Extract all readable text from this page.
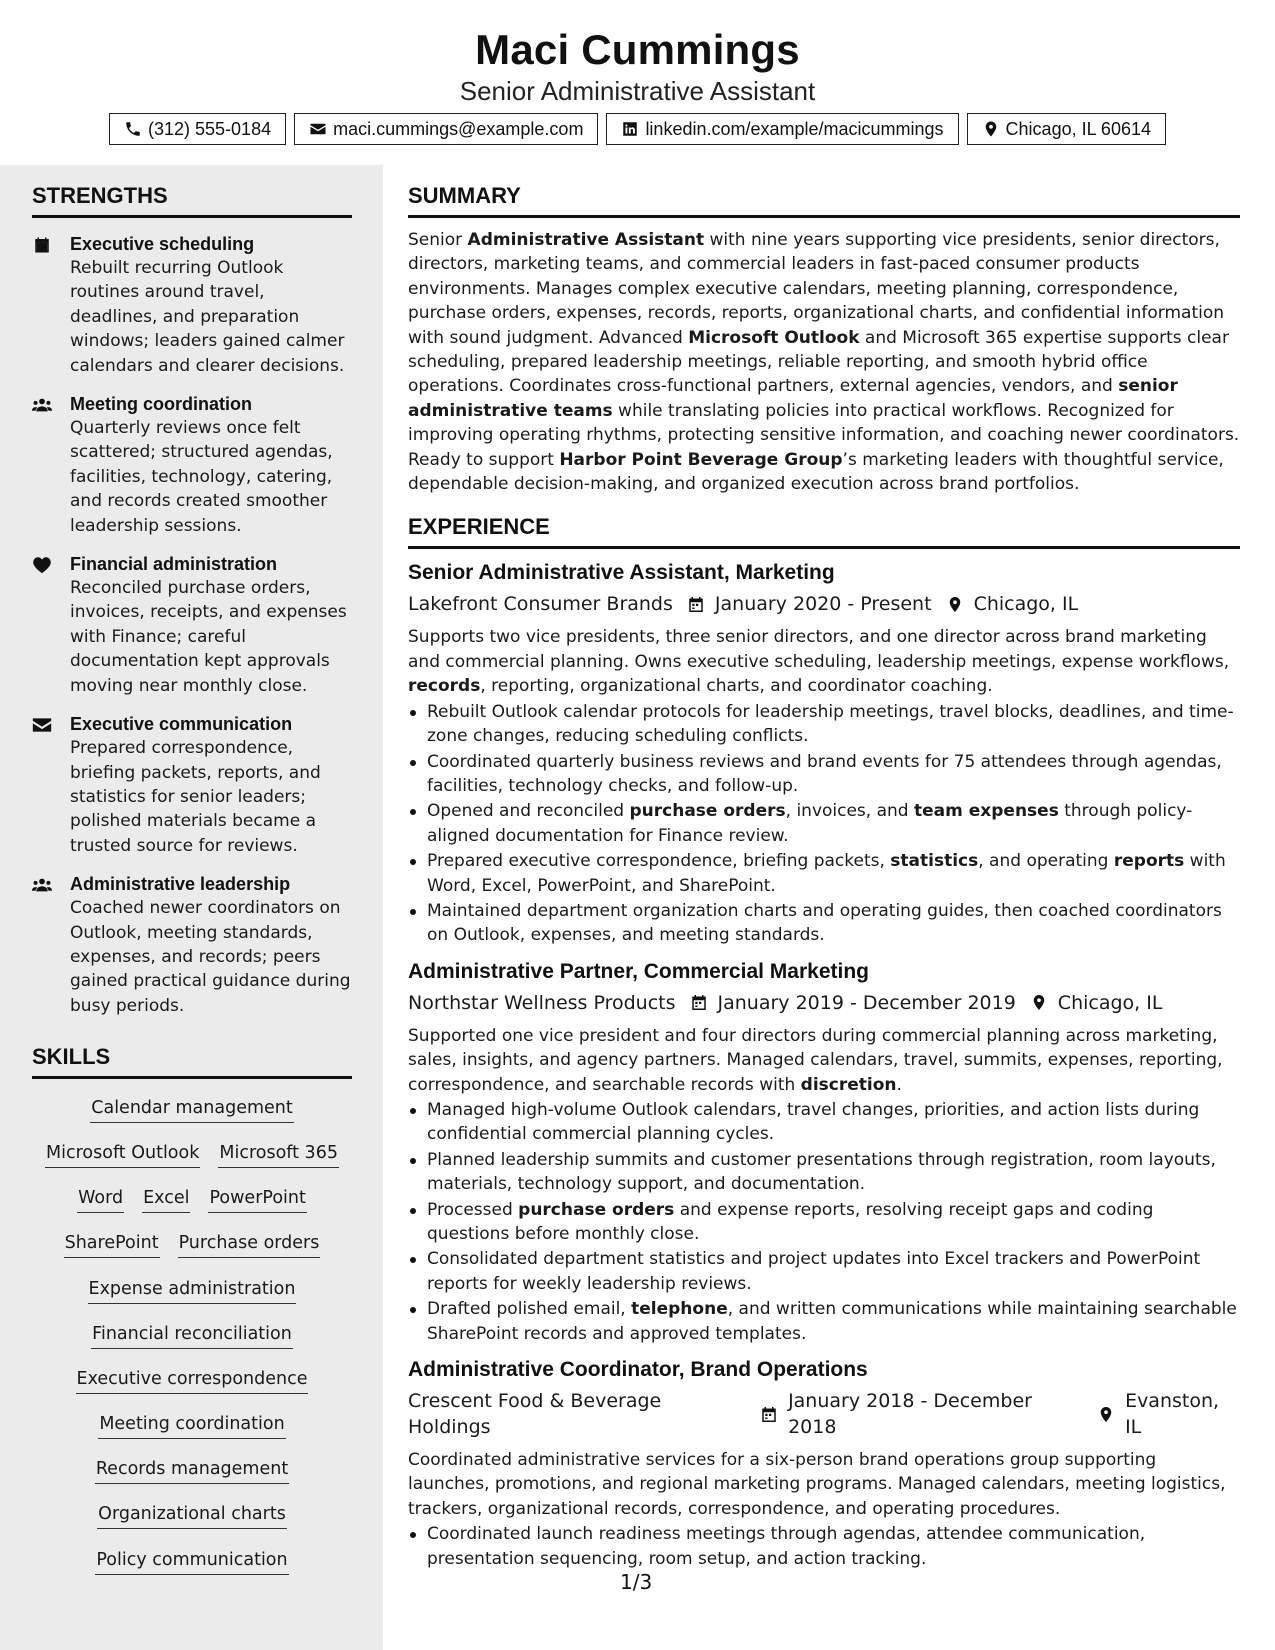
Maci Cummings
Senior Administrative Assistant
(312) 555-0184	maci.cummings@example.com	linkedin.com/example/macicummings	Chicago, IL 60614
STRENGTHS
Executive scheduling
Rebuilt recurring Outlook routines around travel, deadlines, and preparation windows; leaders gained calmer calendars and clearer decisions.
Meeting coordination
Quarterly reviews once felt scattered; structured agendas, facilities, technology, catering, and records created smoother leadership sessions.
Financial administration
Reconciled purchase orders, invoices, receipts, and expenses with Finance; careful documentation kept approvals moving near monthly close.
Executive communication
Prepared correspondence, briefing packets, reports, and statistics for senior leaders; polished materials became a trusted source for reviews.
Administrative leadership
Coached newer coordinators on Outlook, meeting standards, expenses, and records; peers gained practical guidance during busy periods.
SKILLS
Calendar management
Microsoft Outlook Microsoft 365
Word Excel PowerPoint
SharePoint Purchase orders
Expense administration
Financial reconciliation
Executive correspondence
Meeting coordination
Records management
Organizational charts
Policy communication
SUMMARY

Senior Administrative Assistant with nine years supporting vice presidents, senior directors, directors, marketing teams, and commercial leaders in fast-paced consumer products environments. Manages complex executive calendars, meeting planning, correspondence, purchase orders, expenses, records, reports, organizational charts, and confidential information with sound judgment. Advanced Microsoft Outlook and Microsoft 365 expertise supports clear scheduling, prepared leadership meetings, reliable reporting, and smooth hybrid office operations. Coordinates cross-functional partners, external agencies, vendors, and senior administrative teams while translating policies into practical workflows. Recognized for improving operating rhythms, protecting sensitive information, and coaching newer coordinators. Ready to support Harbor Point Beverage Group’s marketing leaders with thoughtful service, dependable decision-making, and organized execution across brand portfolios.

EXPERIENCE
Senior Administrative Assistant, Marketing
Lakefront Consumer Brands January 2020 - Present Chicago, IL

Supports two vice presidents, three senior directors, and one director across brand marketing and commercial planning. Owns executive scheduling, leadership meetings, expense workflows, records, reporting, organizational charts, and coordinator coaching.

Rebuilt Outlook calendar protocols for leadership meetings, travel blocks, deadlines, and time-zone changes, reducing scheduling conflicts.
Coordinated quarterly business reviews and brand events for 75 attendees through agendas, facilities, technology checks, and follow-up.
Opened and reconciled purchase orders, invoices, and team expenses through policy-aligned documentation for Finance review.
Prepared executive correspondence, briefing packets, statistics, and operating reports with Word, Excel, PowerPoint, and SharePoint.
Maintained department organization charts and operating guides, then coached coordinators on Outlook, expenses, and meeting standards.
Administrative Partner, Commercial Marketing
Northstar Wellness Products January 2019 - December 2019 Chicago, IL

Supported one vice president and four directors during commercial planning across marketing, sales, insights, and agency partners. Managed calendars, travel, summits, expenses, reporting, correspondence, and searchable records with discretion.

Managed high-volume Outlook calendars, travel changes, priorities, and action lists during confidential commercial planning cycles.
Planned leadership summits and customer presentations through registration, room layouts, materials, technology support, and documentation.
Processed purchase orders and expense reports, resolving receipt gaps and coding questions before monthly close.
Consolidated department statistics and project updates into Excel trackers and PowerPoint reports for weekly leadership reviews.
Drafted polished email, telephone, and written communications while maintaining searchable SharePoint records and approved templates.
Administrative Coordinator, Brand Operations
Crescent Food & Beverage Holdings
January 2018 - December 2018
Evanston, IL

Coordinated administrative services for a six-person brand operations group supporting launches, promotions, and regional marketing programs. Managed calendars, meeting logistics, trackers, organizational records, correspondence, and operating procedures.

Coordinated launch readiness meetings through agendas, attendee communication, presentation sequencing, room setup, and action tracking.
1/3
